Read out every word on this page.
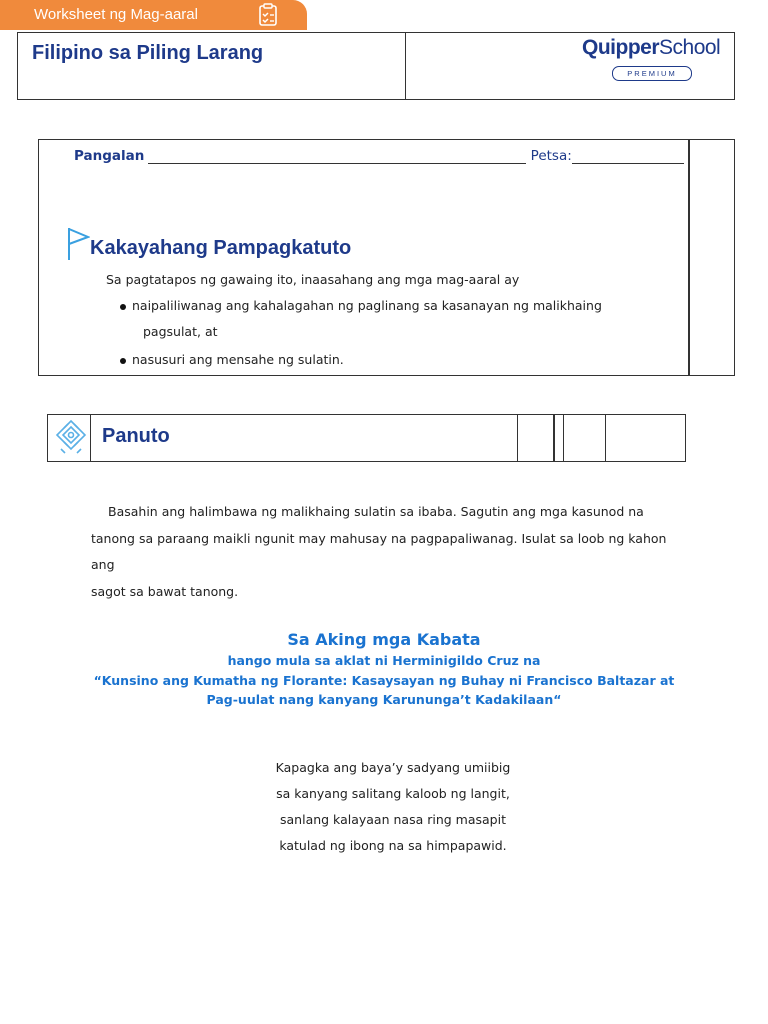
Worksheet ng Mag-aaral
Filipino sa Piling Larang	QuipperSchool
PREMIUM
Pangalan	Petsa:
Kakayahang Pampagkatuto
Sa pagtatapos ng gawaing ito, inaasahang ang mga mag-aaral ay
naipaliliwanag ang kahalagahan ng paglinang sa kasanayan ng malikhaing
pagsulat, at
nasusuri ang mensahe ng sulatin.
Panuto
Basahin ang halimbawa ng malikhaing sulatin sa ibaba. Sagutin ang mga kasunod na
tanong sa paraang maikli ngunit may mahusay na pagpapaliwanag. Isulat sa loob ng kahon ang
sagot sa bawat tanong.
Sa Aking mga Kabata
hango mula sa aklat ni Herminigildo Cruz na
“Kunsino ang Kumatha ng Florante: Kasaysayan ng Buhay ni Francisco Baltazar at
Pag-uulat nang kanyang Karununga’t Kadakilaan“
Kapagka ang baya’y sadyang umiibig
sa kanyang salitang kaloob ng langit,
sanlang kalayaan nasa ring masapit
katulad ng ibong na sa himpapawid.
